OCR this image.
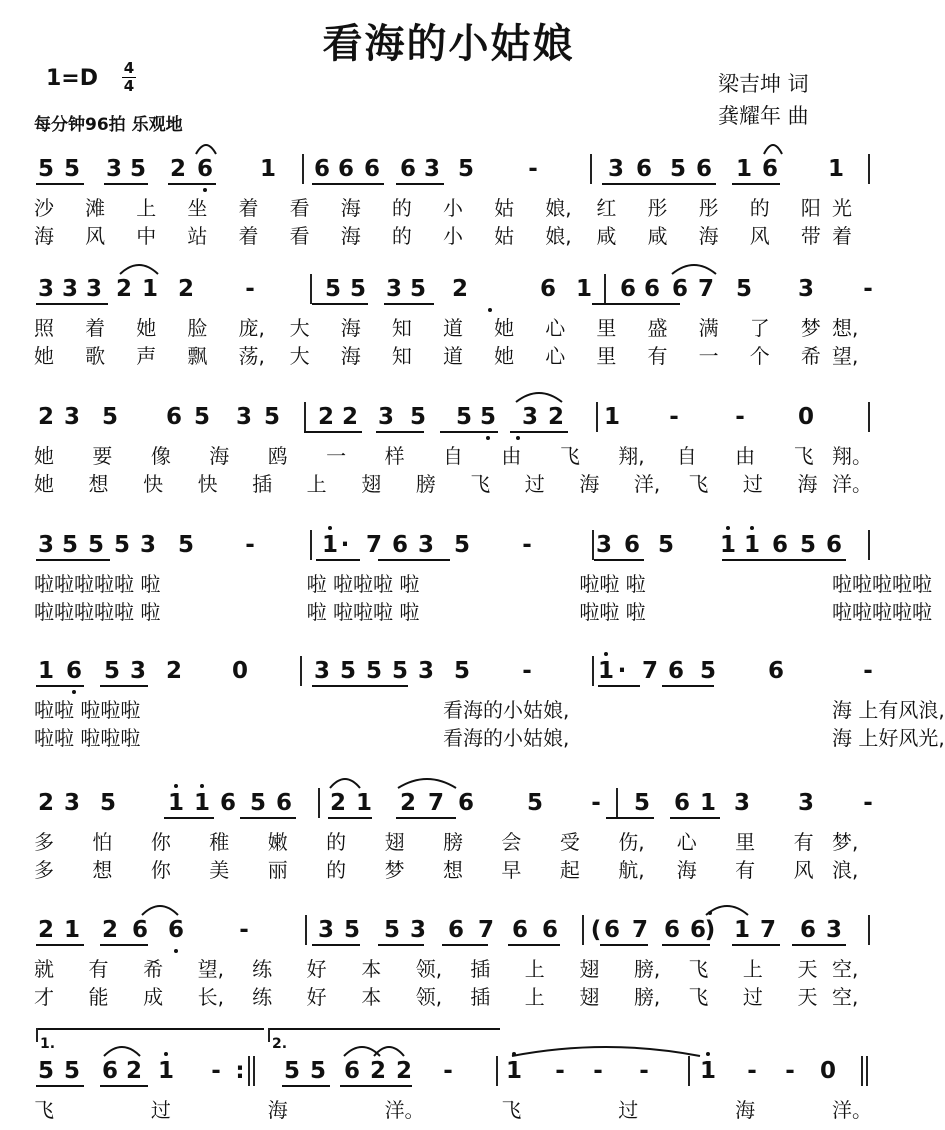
看海的小姑娘
1=D 4
4
每分钟96拍 乐观地
梁吉坤 词
龚耀年 曲
5 5 3 5 2 6 1 6 6 6 6 3 5 -	3 6 5 6 1 6 1
3 3 3 2 1 2 -	5 5 3 5 2	6 1 6 6 6 7 5 3 -
2 3 5 6 5 3 5 2 2 3 5 5 5 3 2 1 - - 0
3 5 5 5 3 5 -	1 · 7 6 3 5 -	3 6 5 1 1 6 5 6
1 6 5 3 2 0	3 5 5 5 3 5 -	1 · 7 6 5 6	-
2 3 5 1 1 6 5 6 2 1 2 7 6 5 - 5 6 1 3 3 -
2 1 2 6 6 -	3 5 5 3 6 7 6 6 ( 6 7 6 6
) 1 7 6 3
5 5 6 2 1 - : 5 5 6 2 2 - 1 - - - 1 - - 0
沙 滩 上 坐 着 看 海 的 小 姑 娘, 红 彤 彤 的 阳 光
海 风 中 站 着 看 海 的 小 姑 娘, 咸 咸 海 风 带 着
照 着 她 脸 庞, 大 海 知 道 她 心 里 盛 满 了 梦 想,
她 歌 声 飘 荡, 大 海 知 道 她 心 里 有 一 个 希 望,
她 要 像 海 鸥 一 样 自 由 飞 翔, 自 由 飞 翔。
她 想 快 快 插 上 翅 膀 飞 过 海 洋, 飞 过 海 洋。
啦啦啦啦啦 啦	啦 啦啦啦 啦	啦啦 啦	啦啦啦啦啦
啦啦啦啦啦 啦	啦 啦啦啦 啦	啦啦 啦	啦啦啦啦啦
啦啦 啦啦啦	看海的小姑娘,	海 上有风浪,
啦啦 啦啦啦	看海的小姑娘,	海 上好风光,
多 怕 你 稚 嫩 的 翅 膀 会 受 伤, 心 里 有 梦,
多 想 你 美 丽 的 梦 想 早 起 航, 海 有 风 浪,
就 有 希 望, 练 好 本 领, 插 上 翅 膀, 飞 上 天 空,
才 能 成 长, 练 好 本 领, 插 上 翅 膀, 飞 过 天 空,
飞	过	海	洋。	飞	过	海	洋。
1.	2.
